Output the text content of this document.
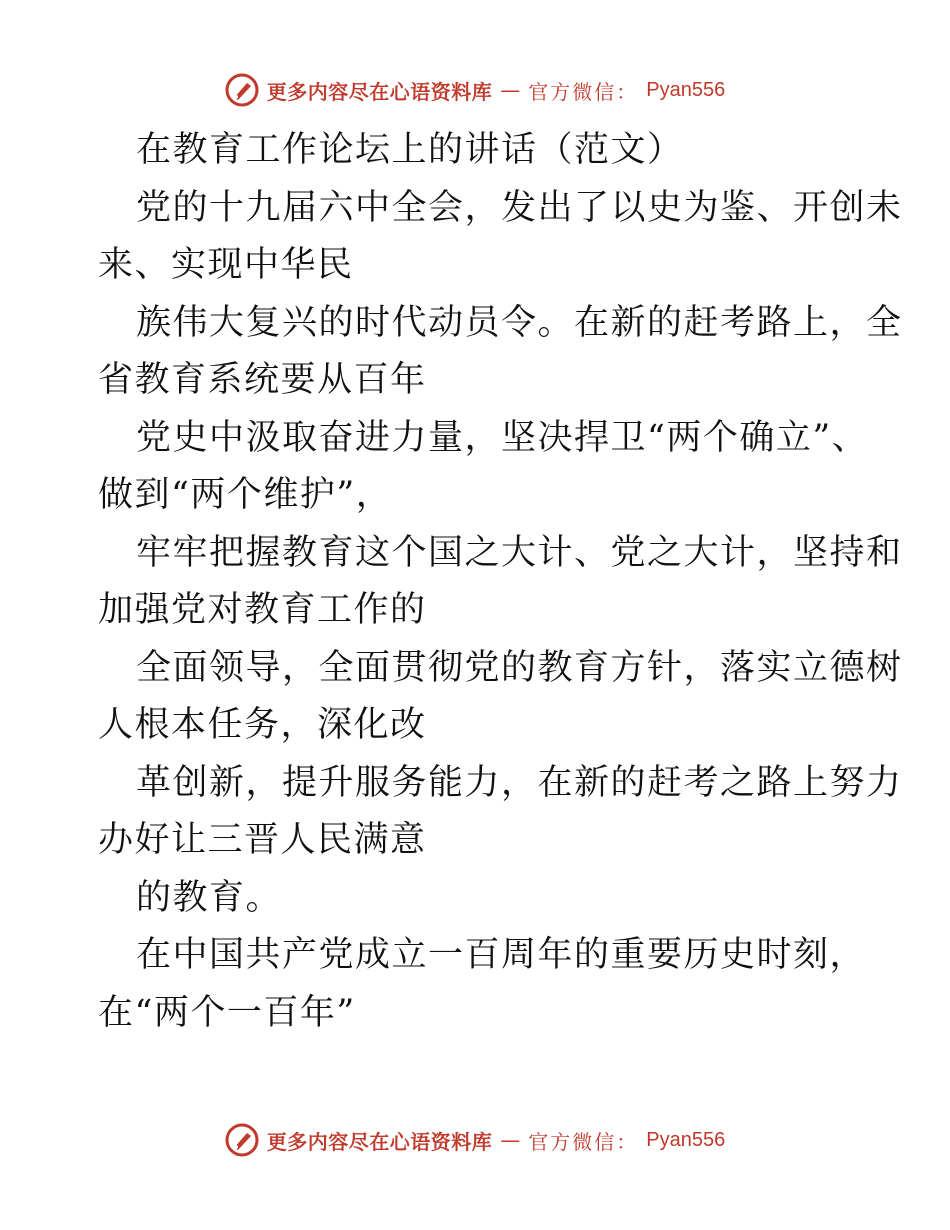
更多内容尽在心语资料库 — 官方微信： Pyan556
在教育工作论坛上的讲话（范文）
党的十九届六中全会，发出了以史为鉴、开创未
来、实现中华民
族伟大复兴的时代动员令。在新的赶考路上，全
省教育系统要从百年
党史中汲取奋进力量，坚决捍卫“两个确立”、
做到“两个维护”，
牢牢把握教育这个国之大计、党之大计，坚持和
加强党对教育工作的
全面领导，全面贯彻党的教育方针，落实立德树
人根本任务，深化改
革创新，提升服务能力，在新的赶考之路上努力
办好让三晋人民满意
的教育。
在中国共产党成立一百周年的重要历史时刻，
在“两个一百年”
更多内容尽在心语资料库 — 官方微信： Pyan556
